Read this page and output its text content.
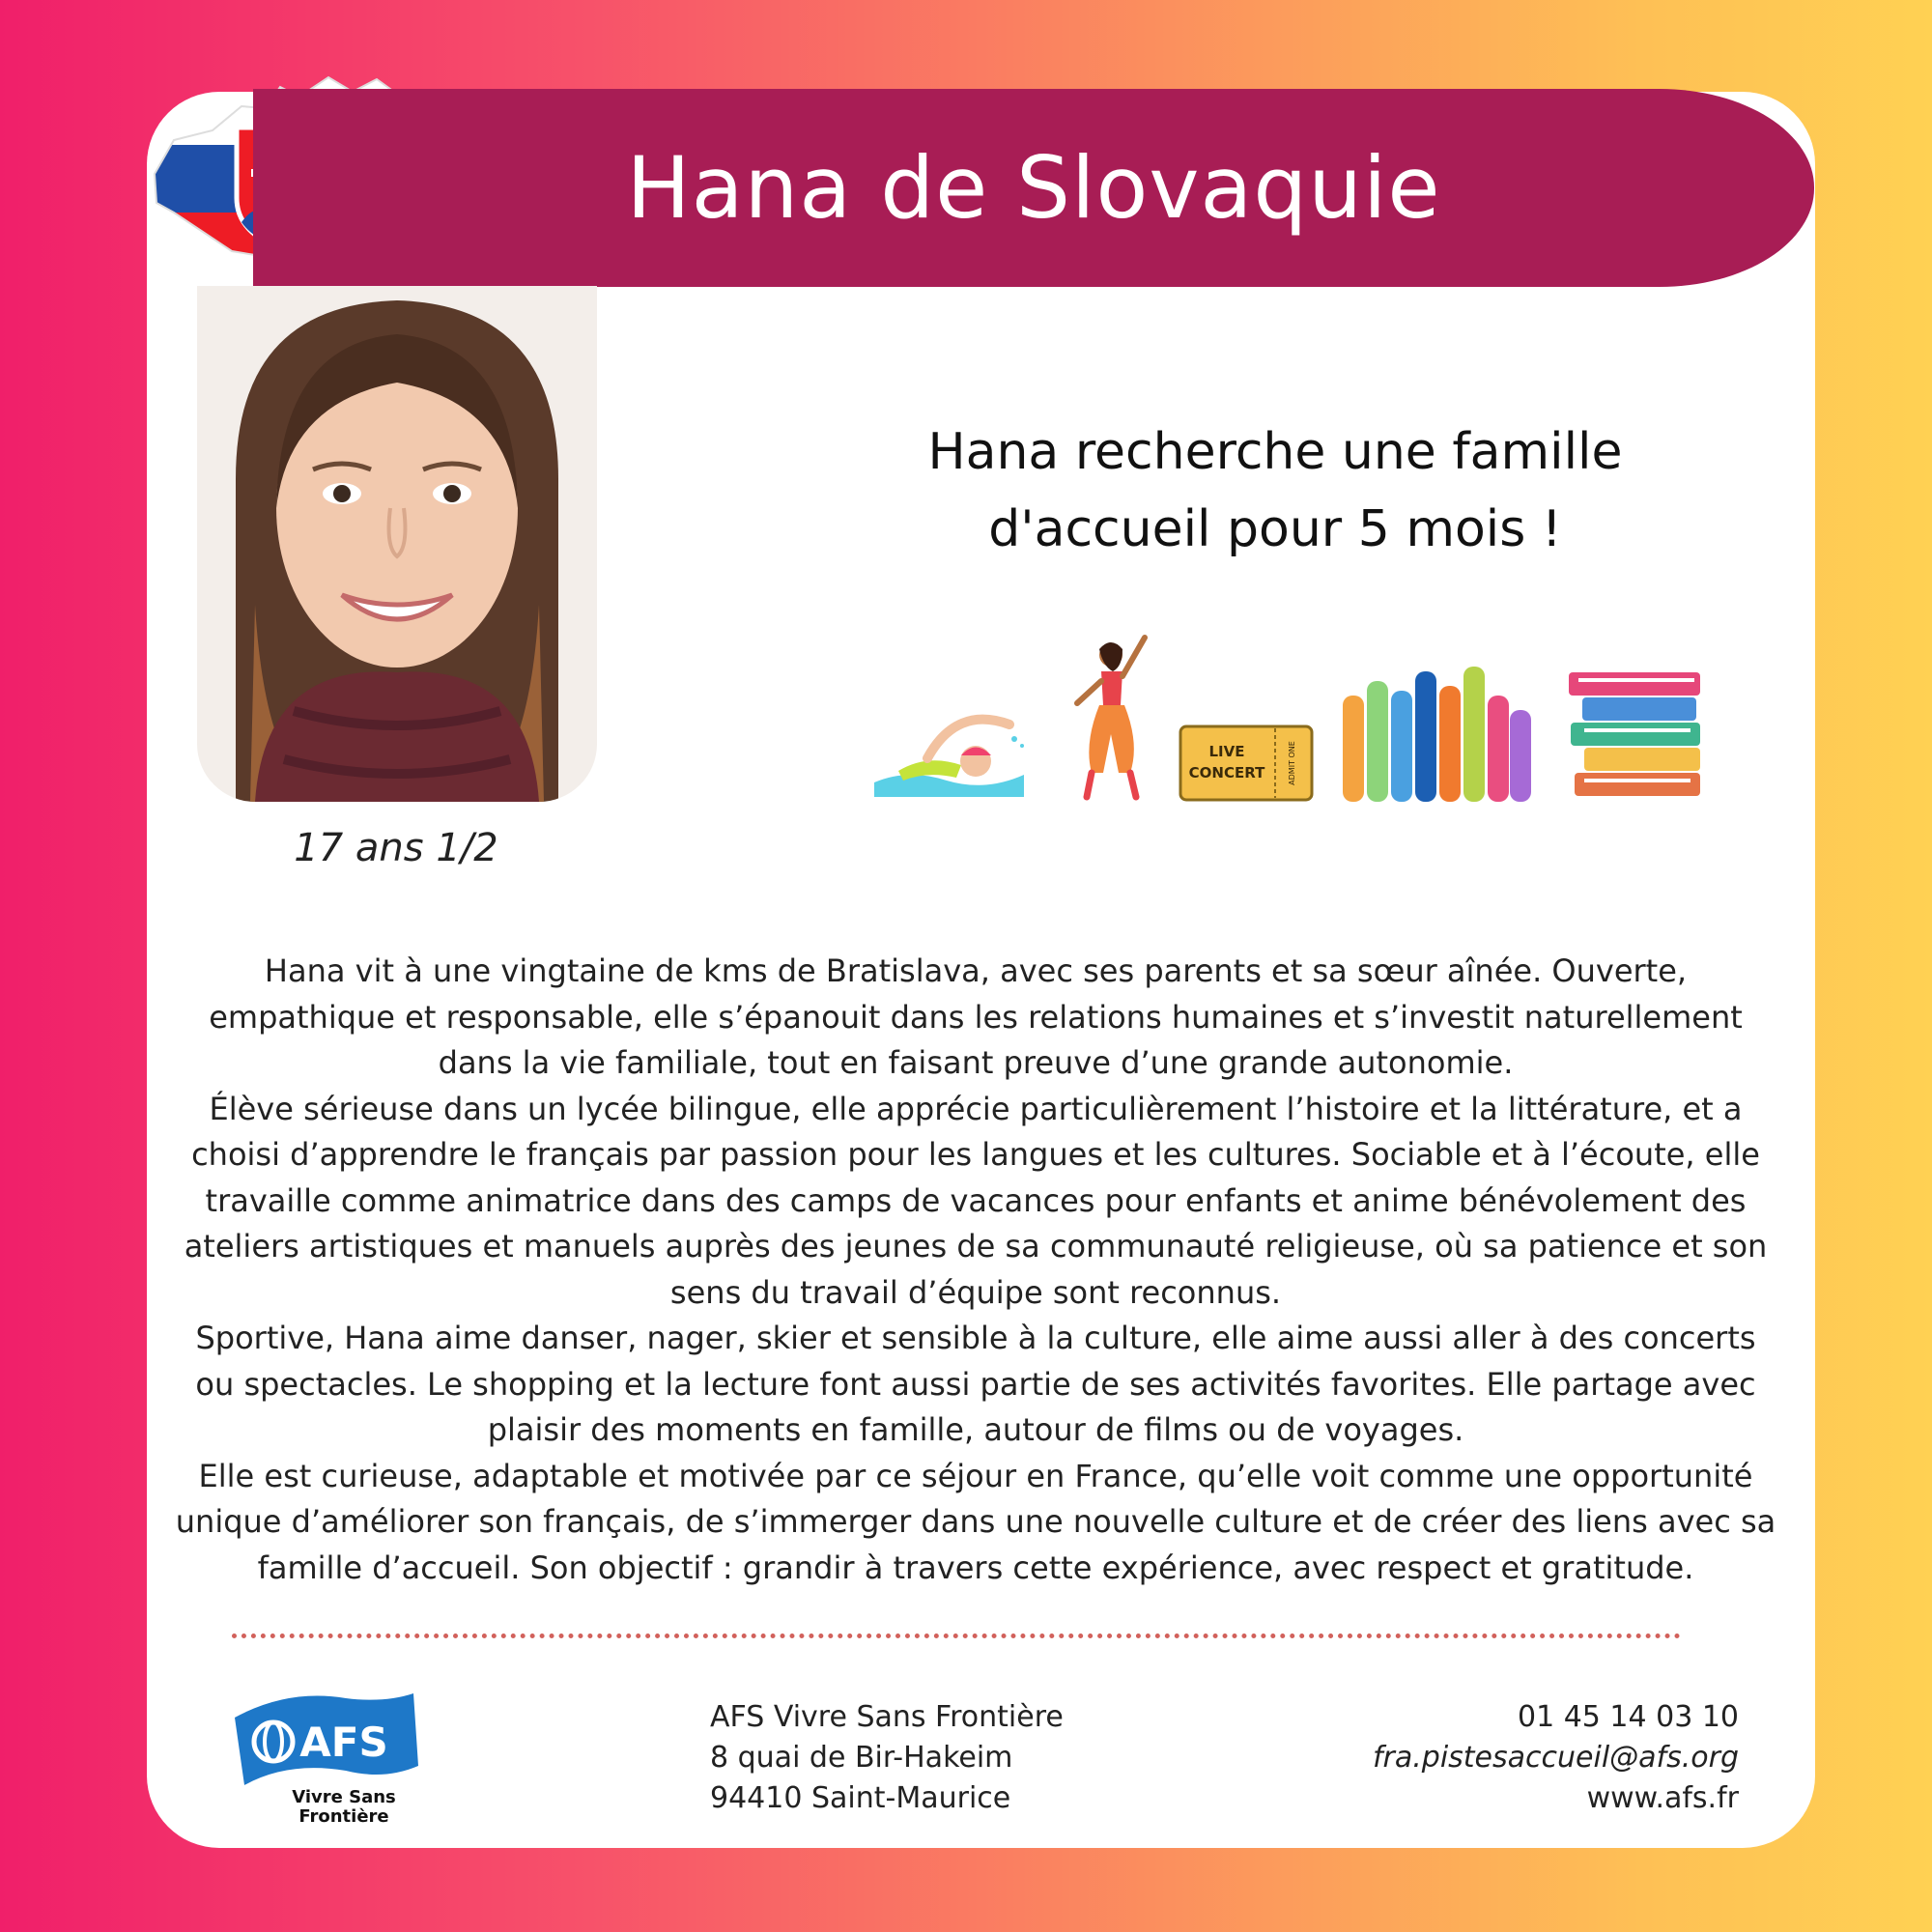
Hana de Slovaquie
17 ans 1/2
Hana recherche une famille
d'accueil pour 5 mois !
LIVE
CONCERT	ADMIT ONE

Hana vit à une vingtaine de kms de Bratislava, avec ses parents et sa sœur aînée. Ouverte, empathique et responsable, elle s’épanouit dans les relations humaines et s’investit naturellement dans la vie familiale, tout en faisant preuve d’une grande autonomie.

Élève sérieuse dans un lycée bilingue, elle apprécie particulièrement l’histoire et la littérature, et a choisi d’apprendre le français par passion pour les langues et les cultures. Sociable et à l’écoute, elle travaille comme animatrice dans des camps de vacances pour enfants et anime bénévolement des ateliers artistiques et manuels auprès des jeunes de sa communauté religieuse, où sa patience et son sens du travail d’équipe sont reconnus.

Sportive, Hana aime danser, nager, skier et sensible à la culture, elle aime aussi aller à des concerts ou spectacles. Le shopping et la lecture font aussi partie de ses activités favorites. Elle partage avec plaisir des moments en famille, autour de films ou de voyages.

Elle est curieuse, adaptable et motivée par ce séjour en France, qu’elle voit comme une opportunité unique d’améliorer son français, de s’immerger dans une nouvelle culture et de créer des liens avec sa famille d’accueil. Son objectif : grandir à travers cette expérience, avec respect et gratitude.

AFS
Vivre Sans
Frontière
AFS Vivre Sans Frontière
8 quai de Bir-Hakeim
94410 Saint-Maurice
01 45 14 03 10
fra.pistesaccueil@afs.org
www.afs.fr
